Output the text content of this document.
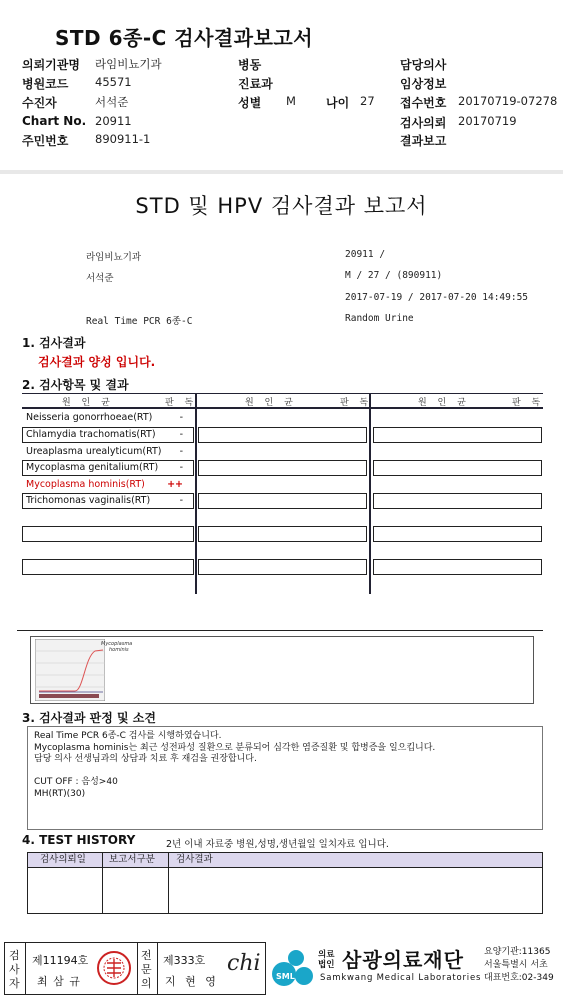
STD 6종-C 검사결과보고서
의뢰기관명 라임비뇨기과	병동	담당의사
병원코드 45571	진료과	임상정보
수진자	서석준	성별 M	나이 27 접수번호 20170719-07278
Chart No. 20911	검사의뢰 20170719
주민번호 890911-1	결과보고
STD 및 HPV 검사결과 보고서
라임비뇨기과	20911 /
서석준	M / 27 / (890911)
2017-07-19 / 2017-07-20 14:49:55
Real Time PCR 6종-C	Random Urine
1. 검사결과
검사결과 양성 입니다.
2. 검사항목 및 결과
원 인 균	판 독	원 인 균	판 독	원 인 균	판 독
Neisseria gonorrhoeae(RT)	-
Chlamydia trachomatis(RT)	-
Ureaplasma urealyticum(RT) -
Mycoplasma genitalium(RT) -
Mycoplasma hominis(RT) ++
Trichomonas vaginalis(RT)	-
Mycoplasma
hominis
3. 검사결과 판정 및 소견
Real Time PCR 6종-C 검사를 시행하였습니다.
Mycoplasma hominis는 최근 성전파성 질환으로 분류되어 심각한 염증질환 및 합병증을 일으킵니다.
담당 의사 선생님과의 상담과 치료 후 재검을 권장합니다.
CUT OFF : 음성>40
MH(RT)(30)
4. TEST HISTORY	2년 이내 자료중 병원,성명,생년월일 일치자료 입니다.
검사의뢰일 보고서구분 검사결과
검사자
제11194호
최 삼 규
전문의
제333호
지 현 영
chi
SML
의료
법인 삼광의료재단
Samkwang Medical Laboratories
요양기관:11365
서울특별시 서초
대표번호:02-349
